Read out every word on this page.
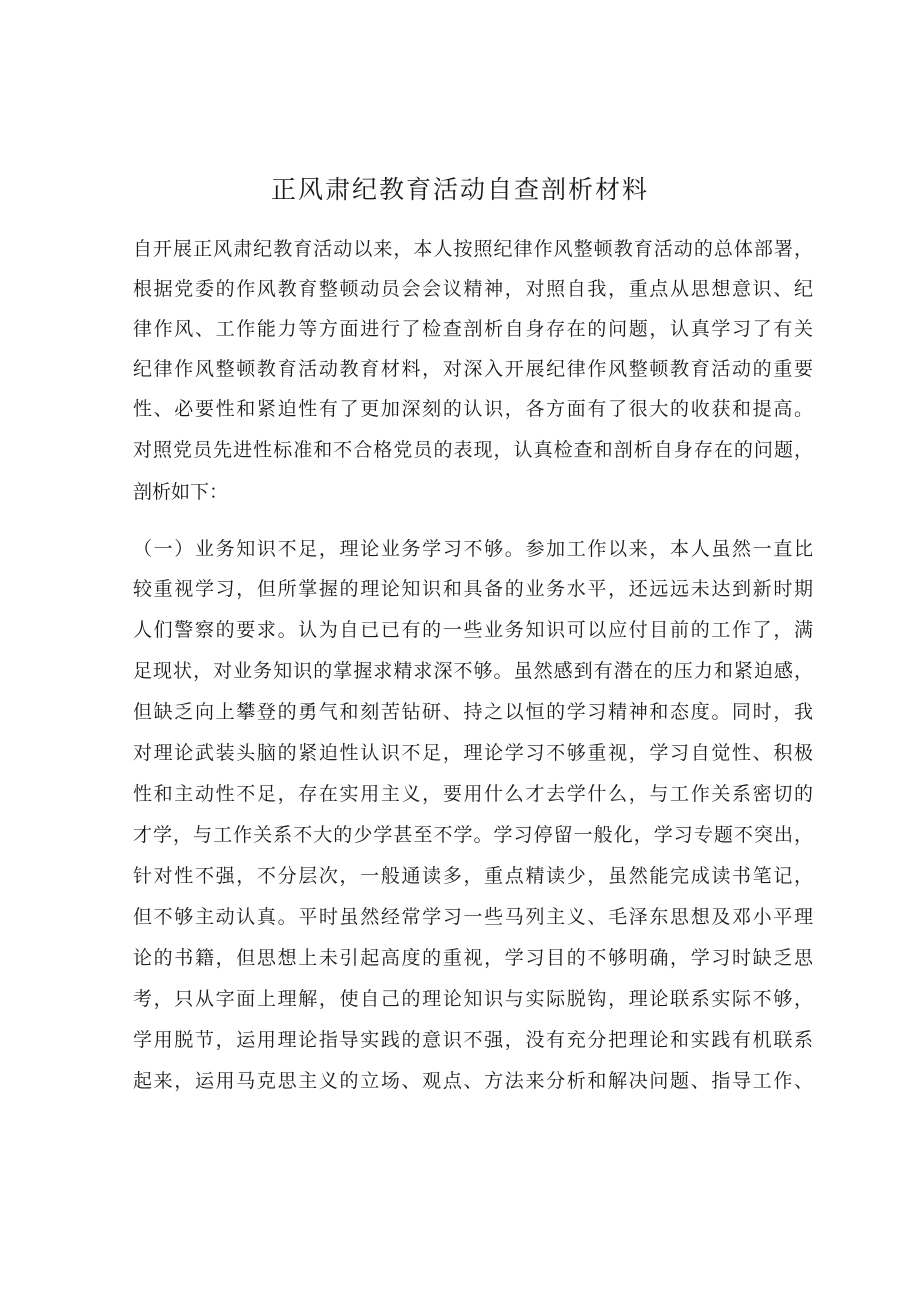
正风肃纪教育活动自查剖析材料

自开展正风肃纪教育活动以来，本人按照纪律作风整顿教育活动的总体部署，

根据党委的作风教育整顿动员会会议精神，对照自我，重点从思想意识、纪

律作风、工作能力等方面进行了检查剖析自身存在的问题，认真学习了有关

纪律作风整顿教育活动教育材料，对深入开展纪律作风整顿教育活动的重要

性、必要性和紧迫性有了更加深刻的认识，各方面有了很大的收获和提高。

对照党员先进性标准和不合格党员的表现，认真检查和剖析自身存在的问题，

剖析如下：

（一）业务知识不足，理论业务学习不够。参加工作以来，本人虽然一直比

较重视学习，但所掌握的理论知识和具备的业务水平，还远远未达到新时期

人们警察的要求。认为自已已有的一些业务知识可以应付目前的工作了，满

足现状，对业务知识的掌握求精求深不够。虽然感到有潜在的压力和紧迫感，

但缺乏向上攀登的勇气和刻苦钻研、持之以恒的学习精神和态度。同时，我

对理论武装头脑的紧迫性认识不足，理论学习不够重视，学习自觉性、积极

性和主动性不足，存在实用主义，要用什么才去学什么，与工作关系密切的

才学，与工作关系不大的少学甚至不学。学习停留一般化，学习专题不突出，

针对性不强，不分层次，一般通读多，重点精读少，虽然能完成读书笔记，

但不够主动认真。平时虽然经常学习一些马列主义、毛泽东思想及邓小平理

论的书籍，但思想上未引起高度的重视，学习目的不够明确，学习时缺乏思

考，只从字面上理解，使自己的理论知识与实际脱钩，理论联系实际不够，

学用脱节，运用理论指导实践的意识不强，没有充分把理论和实践有机联系

起来，运用马克思主义的立场、观点、方法来分析和解决问题、指导工作、
